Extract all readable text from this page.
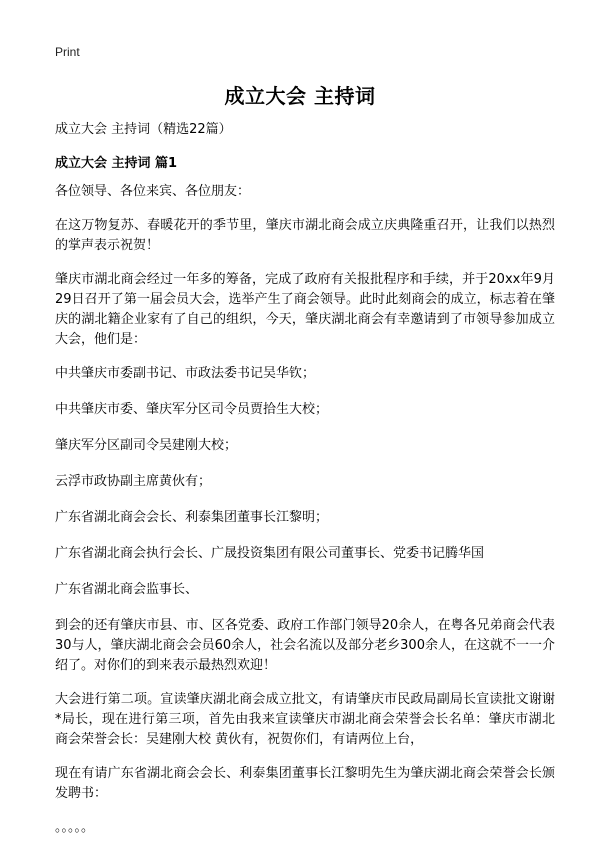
Print
成立大会 主持词
成立大会 主持词（精选22篇）
成立大会 主持词 篇1

各位领导、各位来宾、各位朋友：

在这万物复苏、春暖花开的季节里，肇庆市湖北商会成立庆典隆重召开，让我们以热烈的掌声表示祝贺！

肇庆市湖北商会经过一年多的筹备，完成了政府有关报批程序和手续，并于20xx年9月29日召开了第一届会员大会，选举产生了商会领导。此时此刻商会的成立，标志着在肇庆的湖北籍企业家有了自己的组织，今天，肇庆湖北商会有幸邀请到了市领导参加成立大会，他们是：

中共肇庆市委副书记、市政法委书记吴华钦；

中共肇庆市委、肇庆军分区司令员贾拾生大校；

肇庆军分区副司令吴建刚大校；

云浮市政协副主席黄伙有；

广东省湖北商会会长、利泰集团董事长江黎明；

广东省湖北商会执行会长、广晟投资集团有限公司董事长、党委书记腾华国

广东省湖北商会监事长、

到会的还有肇庆市县、市、区各党委、政府工作部门领导20余人，在粤各兄弟商会代表30与人，肇庆湖北商会会员60余人，社会名流以及部分老乡300余人，在这就不一一介绍了。对你们的到来表示最热烈欢迎！

大会进行第二项。宣读肇庆湖北商会成立批文，有请肇庆市民政局副局长宣读批文谢谢*局长，现在进行第三项，首先由我来宣读肇庆市湖北商会荣誉会长名单：肇庆市湖北商会荣誉会长：吴建刚大校 黄伙有，祝贺你们，有请两位上台，

现在有请广东省湖北商会会长、利泰集团董事长江黎明先生为肇庆湖北商会荣誉会长颁发聘书：

。。。。。
